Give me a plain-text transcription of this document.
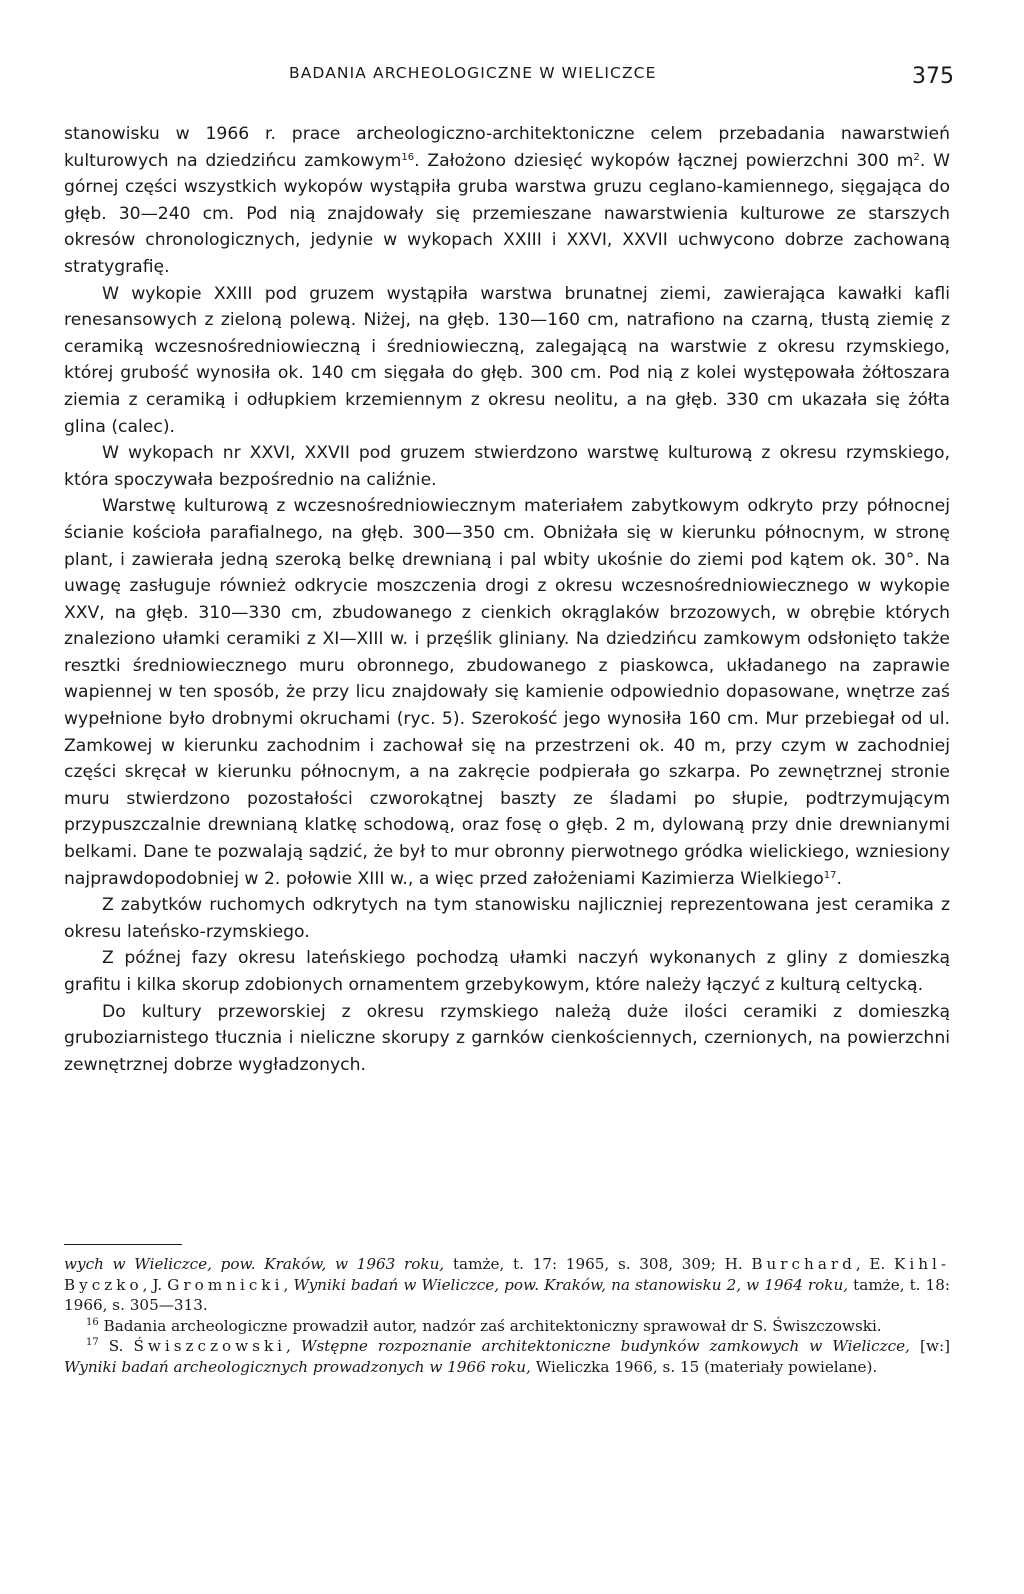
BADANIA ARCHEOLOGICZNE W WIELICZCE	375

stanowisku w 1966 r. prace archeologiczno-architektoniczne celem przebadania nawarstwień kulturowych na dziedzińcu zamkowym$^{16}$. Założono dziesięć wykopów łącznej powierzchni 300 $m^2$. W górnej części wszystkich wykopów wystąpiła gruba warstwa gruzu ceglano-kamiennego, sięgająca do głęb. 30—240 cm. Pod nią znajdowały się przemieszane nawarstwienia kulturowe ze starszych okresów chronologicznych, jedynie w wykopach XXIII i XXVI, XXVII uchwycono dobrze zachowaną stratygrafię.

W wykopie XXIII pod gruzem wystąpiła warstwa brunatnej ziemi, zawierająca kawałki kafli renesansowych z zieloną polewą. Niżej, na głęb. 130—160 cm, natrafiono na czarną, tłustą ziemię z ceramiką wczesnośredniowieczną i średniowieczną, zalegającą na warstwie z okresu rzymskiego, której grubość wynosiła ok. 140 cm sięgała do głęb. 300 cm. Pod nią z kolei występowała żółtoszara ziemia z ceramiką i odłupkiem krzemiennym z okresu neolitu, a na głęb. 330 cm ukazała się żółta glina (calec).

W wykopach nr XXVI, XXVII pod gruzem stwierdzono warstwę kulturową z okresu rzymskiego, która spoczywała bezpośrednio na caliźnie.

Warstwę kulturową z wczesnośredniowiecznym materiałem zabytkowym odkryto przy północnej ścianie kościoła parafialnego, na głęb. 300—350 cm. Obniżała się w kierunku północnym, w stronę plant, i zawierała jedną szeroką belkę drewnianą i pal wbity ukośnie do ziemi pod kątem ok. 30°. Na uwagę zasługuje również odkrycie moszczenia drogi z okresu wczesnośredniowiecznego w wykopie XXV, na głęb. 310—330 cm, zbudowanego z cienkich okrąglaków brzozowych, w obrębie których znaleziono ułamki ceramiki z XI—XIII w. i przęślik gliniany. Na dziedzińcu zamkowym odsłonięto także resztki średniowiecznego muru obronnego, zbudowanego z piaskowca, układanego na zaprawie wapiennej w ten sposób, że przy licu znajdowały się kamienie odpowiednio dopasowane, wnętrze zaś wypełnione było drobnymi okruchami (ryc. 5). Szerokość jego wynosiła 160 cm. Mur przebiegał od ul. Zamkowej w kierunku zachodnim i zachował się na przestrzeni ok. 40 m, przy czym w zachodniej części skręcał w kierunku północnym, a na zakręcie podpierała go szkarpa. Po zewnętrznej stronie muru stwierdzono pozostałości czworokątnej baszty ze śladami po słupie, podtrzymującym przypuszczalnie drewnianą klatkę schodową, oraz fosę o głęb. 2 m, dylowaną przy dnie drewnianymi belkami. Dane te pozwalają sądzić, że był to mur obronny pierwotnego gródka wielickiego, wzniesiony najprawdopodobniej w 2. połowie XIII w., a więc przed założeniami Kazimierza Wielkiego$^{17}$.

Z zabytków ruchomych odkrytych na tym stanowisku najliczniej reprezentowana jest ceramika z okresu lateńsko-rzymskiego.

Z późnej fazy okresu lateńskiego pochodzą ułamki naczyń wykonanych z gliny z domieszką grafitu i kilka skorup zdobionych ornamentem grzebykowym, które należy łączyć z kulturą celtycką.

Do kultury przeworskiej z okresu rzymskiego należą duże ilości ceramiki z domieszką gruboziarnistego tłucznia i nieliczne skorupy z garnków cienkościennych, czernionych, na powierzchni zewnętrznej dobrze wygładzonych.

wych w Wieliczce, pow. Kraków, w 1963 roku, tamże, t. 17: 1965, s. 308, 309; H. Burchard, E. Kihl-Byczko, J. Gromnicki, Wyniki badań w Wieliczce, pow. Kraków, na stanowisku 2, w 1964 roku, tamże, t. 18: 1966, s. 305—313.

$^{16}$ Badania archeologiczne prowadził autor, nadzór zaś architektoniczny sprawował dr S. Świszczowski.

$^{17}$ S. Świszczowski, Wstępne rozpoznanie architektoniczne budynków zamkowych w Wieliczce, [w:] Wyniki badań archeologicznych prowadzonych w 1966 roku, Wieliczka 1966, s. 15 (materiały powielane).
